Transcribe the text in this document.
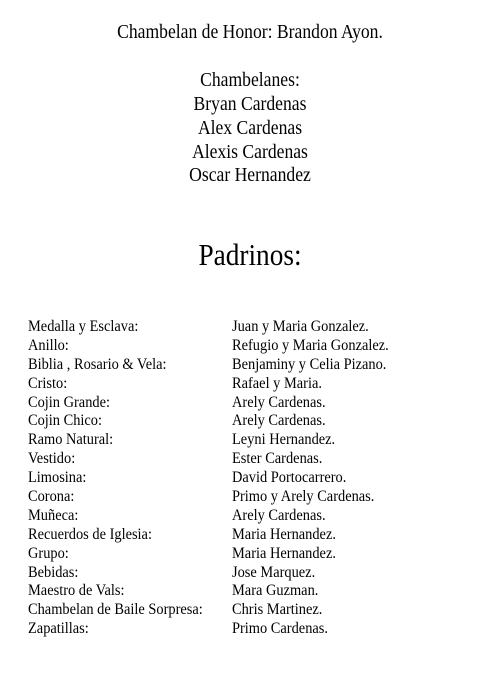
Chambelan de Honor: Brandon Ayon.
Chambelanes:
Bryan Cardenas
Alex Cardenas
Alexis Cardenas
Oscar Hernandez
Padrinos:
Medalla y Esclava:	Juan y Maria Gonzalez.
Anillo:	Refugio y Maria Gonzalez.
Biblia , Rosario & Vela:	Benjaminy y Celia Pizano.
Cristo:	Rafael y Maria.
Cojin Grande:	Arely Cardenas.
Cojin Chico:	Arely Cardenas.
Ramo Natural:	Leyni Hernandez.
Vestido:	Ester Cardenas.
Limosina:	David Portocarrero.
Corona:	Primo y Arely Cardenas.
Muñeca:	Arely Cardenas.
Recuerdos de Iglesia:	Maria Hernandez.
Grupo:	Maria Hernandez.
Bebidas:	Jose Marquez.
Maestro de Vals:	Mara Guzman.
Chambelan de Baile Sorpresa: Chris Martinez.
Zapatillas:	Primo Cardenas.
